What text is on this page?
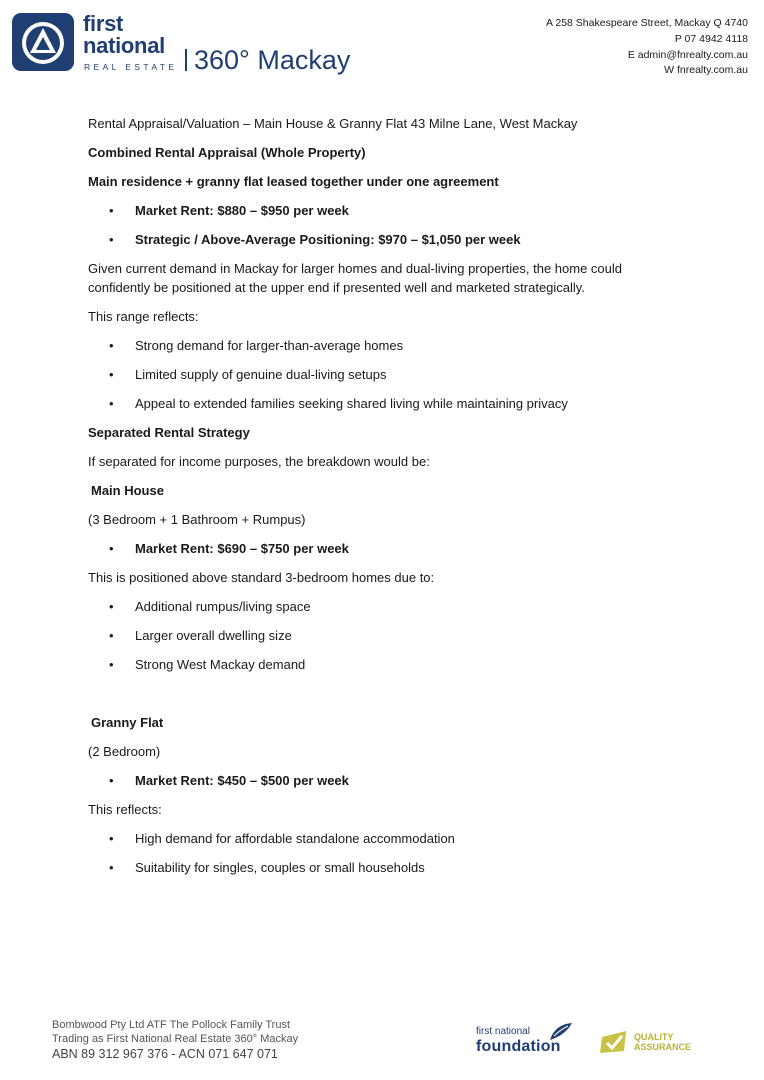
first
national
REAL ESTATE 360° Mackay
A 258 Shakespeare Street, Mackay Q 4740
P 07 4942 4118
E admin@fnrealty.com.au
W fnrealty.com.au

Rental Appraisal/Valuation – Main House & Granny Flat 43 Milne Lane, West Mackay

Combined Rental Appraisal (Whole Property)

Main residence + granny flat leased together under one agreement

• Market Rent: $880 – $950 per week
• Strategic / Above-Average Positioning: $970 – $1,050 per week

Given current demand in Mackay for larger homes and dual-living properties, the home could confidently be positioned at the upper end if presented well and marketed strategically.

This range reflects:

• Strong demand for larger-than-average homes
• Limited supply of genuine dual-living setups
• Appeal to extended families seeking shared living while maintaining privacy

Separated Rental Strategy

If separated for income purposes, the breakdown would be:

Main House

(3 Bedroom + 1 Bathroom + Rumpus)

• Market Rent: $690 – $750 per week

This is positioned above standard 3-bedroom homes due to:

• Additional rumpus/living space
• Larger overall dwelling size
• Strong West Mackay demand

Granny Flat

(2 Bedroom)

• Market Rent: $450 – $500 per week

This reflects:

• High demand for affordable standalone accommodation
• Suitability for singles, couples or small households
Bombwood Pty Ltd ATF The Pollock Family Trust
Trading as First National Real Estate 360° Mackay
ABN 89 312 967 376 - ACN 071 647 071
first national
foundation
QUALITY
ASSURANCE
